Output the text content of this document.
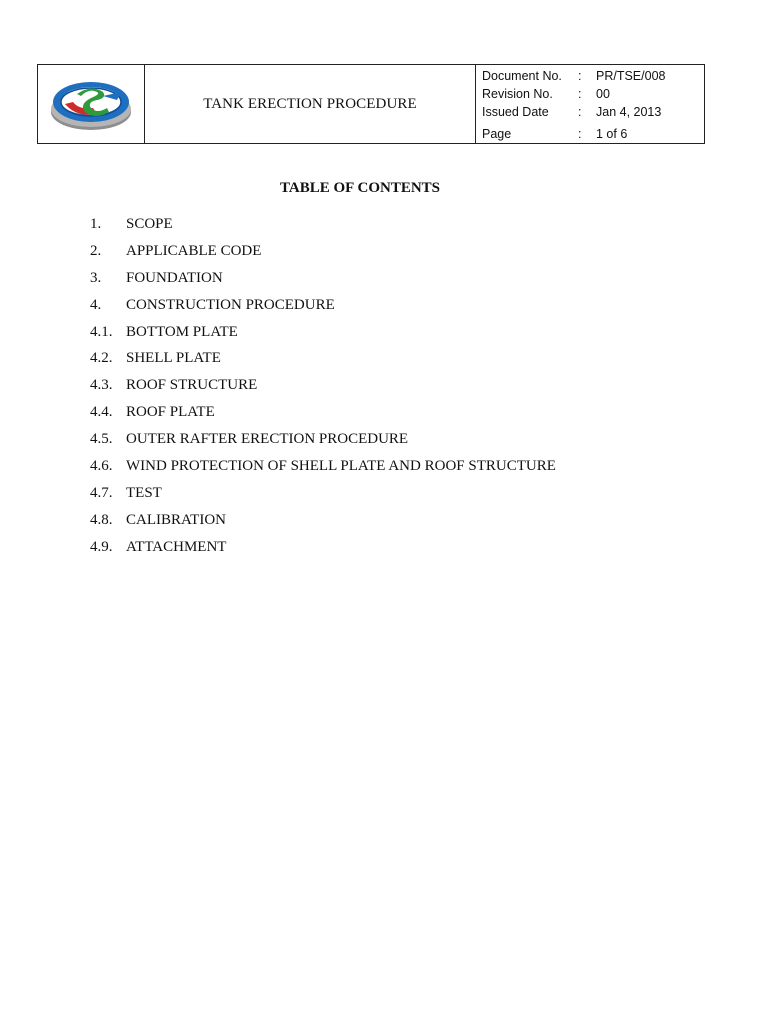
TANK ERECTION PROCEDURE
Document No.	:	PR/TSE/008
Revision No.	:	00
Issued Date	:	Jan 4, 2013
Page	:	1 of 6
TABLE OF CONTENTS
1.	SCOPE
2.	APPLICABLE CODE
3.	FOUNDATION
4.	CONSTRUCTION PROCEDURE
4.1. BOTTOM PLATE
4.2. SHELL PLATE
4.3. ROOF STRUCTURE
4.4. ROOF PLATE
4.5. OUTER RAFTER ERECTION PROCEDURE
4.6. WIND PROTECTION OF SHELL PLATE AND ROOF STRUCTURE
4.7. TEST
4.8. CALIBRATION
4.9. ATTACHMENT
